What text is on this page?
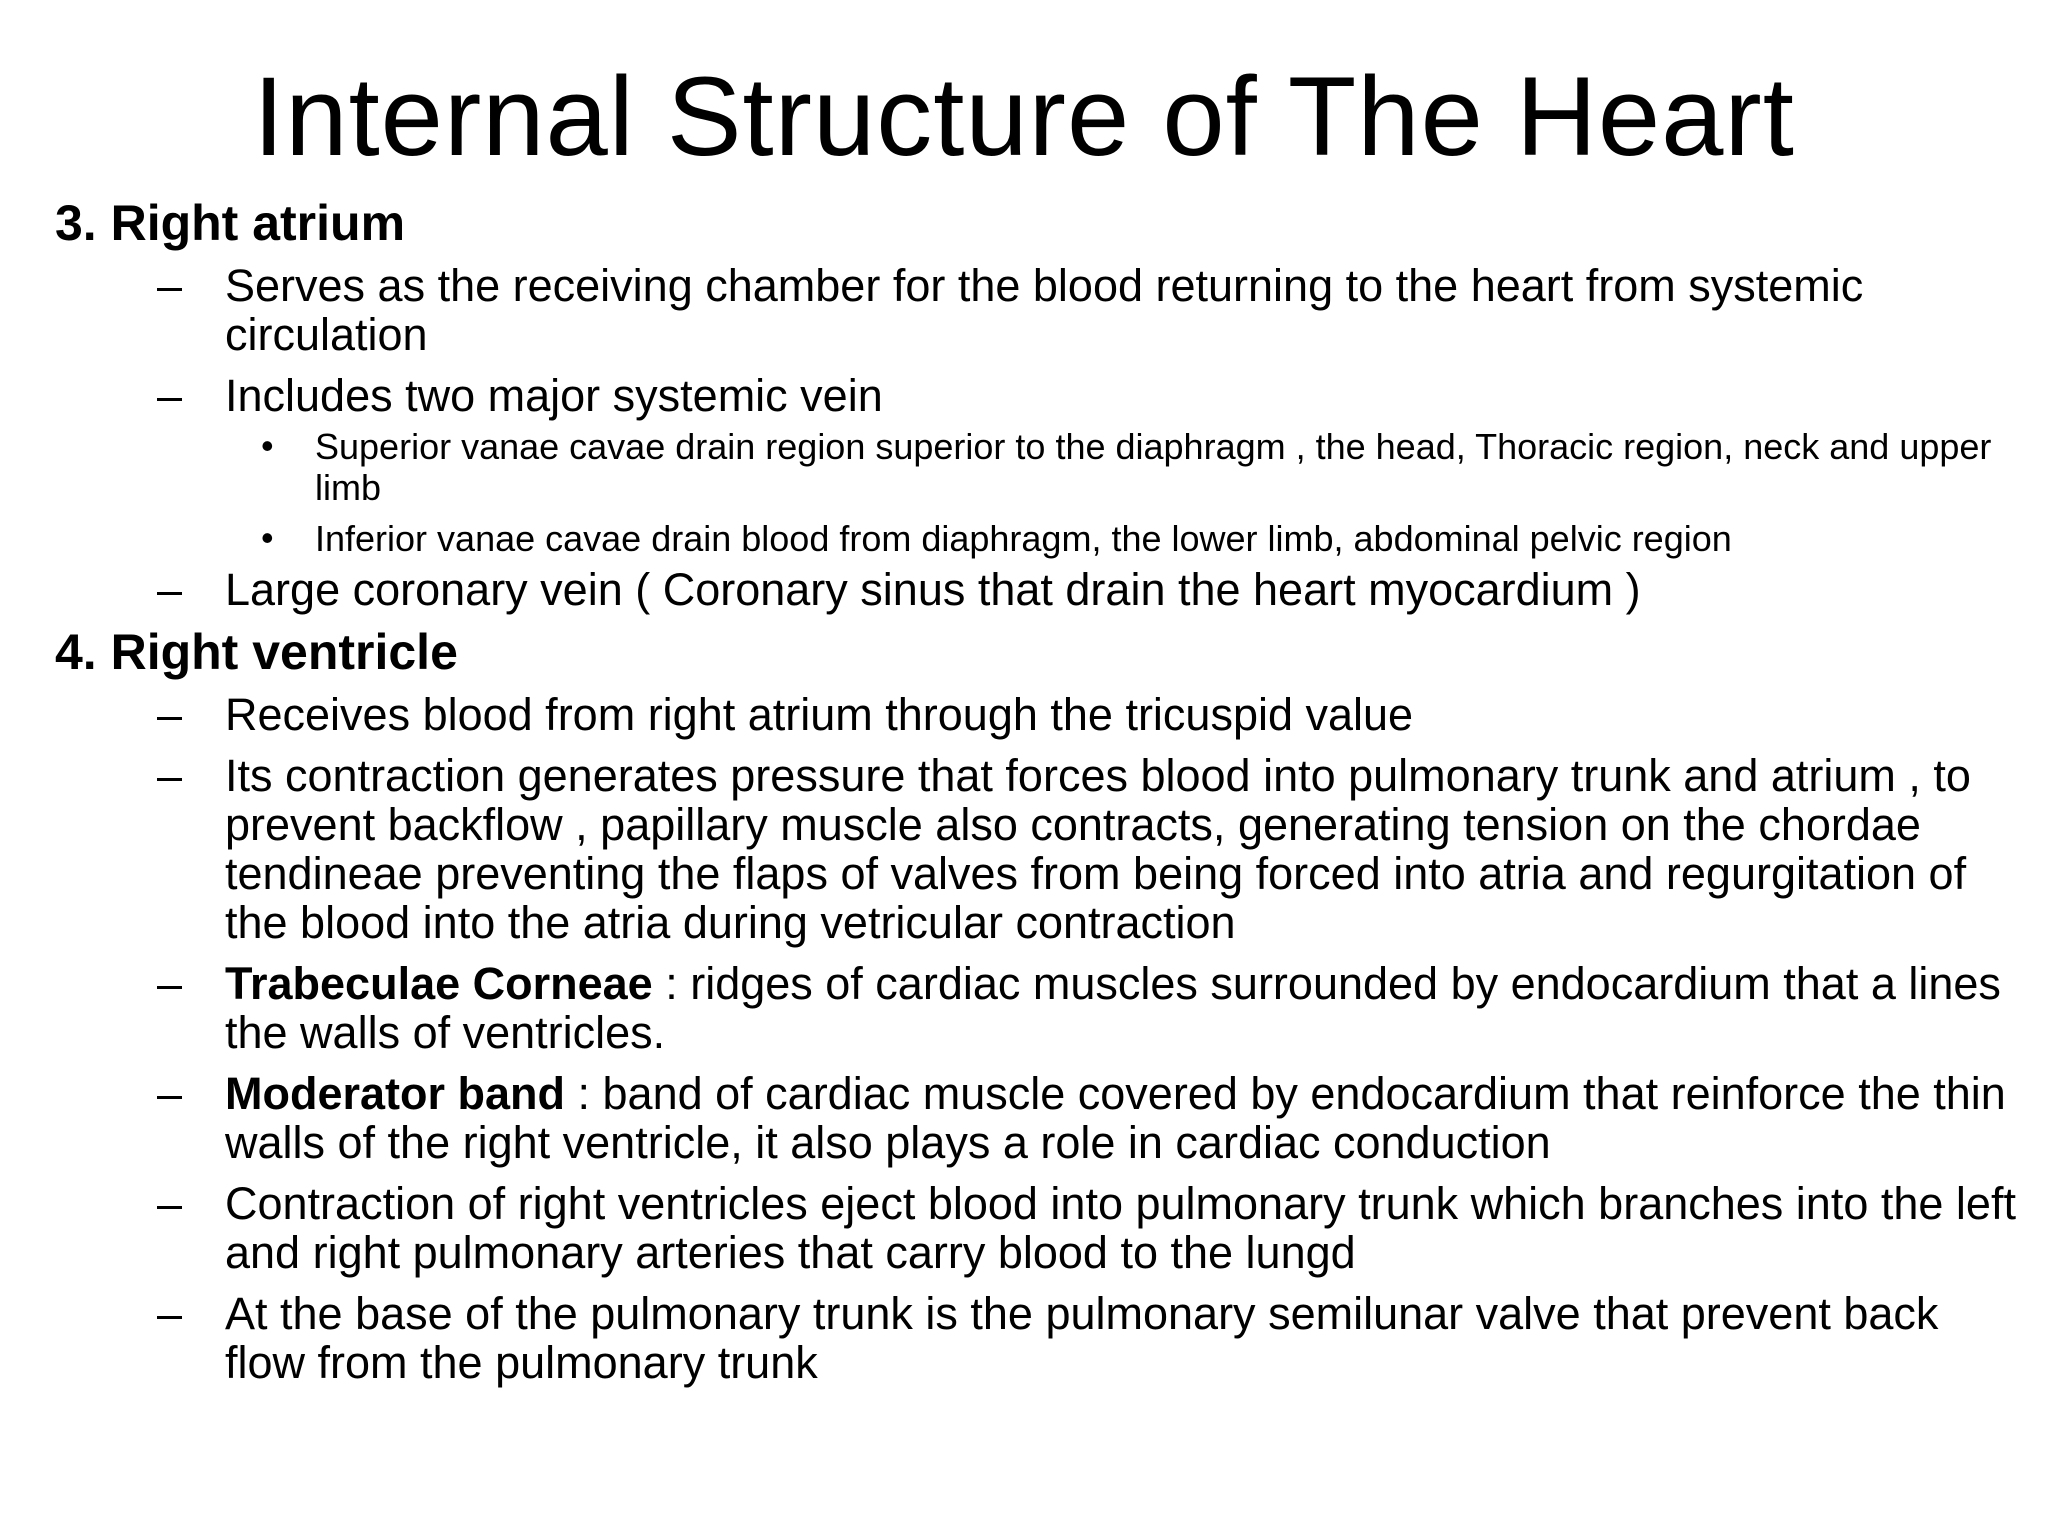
Internal Structure of The Heart
3. Right atrium
– Serves as the receiving chamber for the blood returning to the heart from systemic circulation
– Includes two major systemic vein
• Superior vanae cavae drain region superior to the diaphragm , the head, Thoracic region, neck and upper limb
• Inferior vanae cavae drain blood from diaphragm, the lower limb, abdominal pelvic region
– Large coronary vein ( Coronary sinus that drain the heart myocardium )
4. Right ventricle
– Receives blood from right atrium through the tricuspid value
– Its contraction generates pressure that forces blood into pulmonary trunk and atrium , to prevent backflow , papillary muscle also contracts, generating tension on the chordae tendineae preventing the flaps of valves from being forced into atria and regurgitation of the blood into the atria during vetricular contraction
– Trabeculae Corneae : ridges of cardiac muscles surrounded by endocardium that a lines the walls of ventricles.
– Moderator band : band of cardiac muscle covered by endocardium that reinforce the thin walls of the right ventricle, it also plays a role in cardiac conduction
– Contraction of right ventricles eject blood into pulmonary trunk which branches into the left and right pulmonary arteries that carry blood to the lungd
– At the base of the pulmonary trunk is the pulmonary semilunar valve that prevent back flow from the pulmonary trunk
